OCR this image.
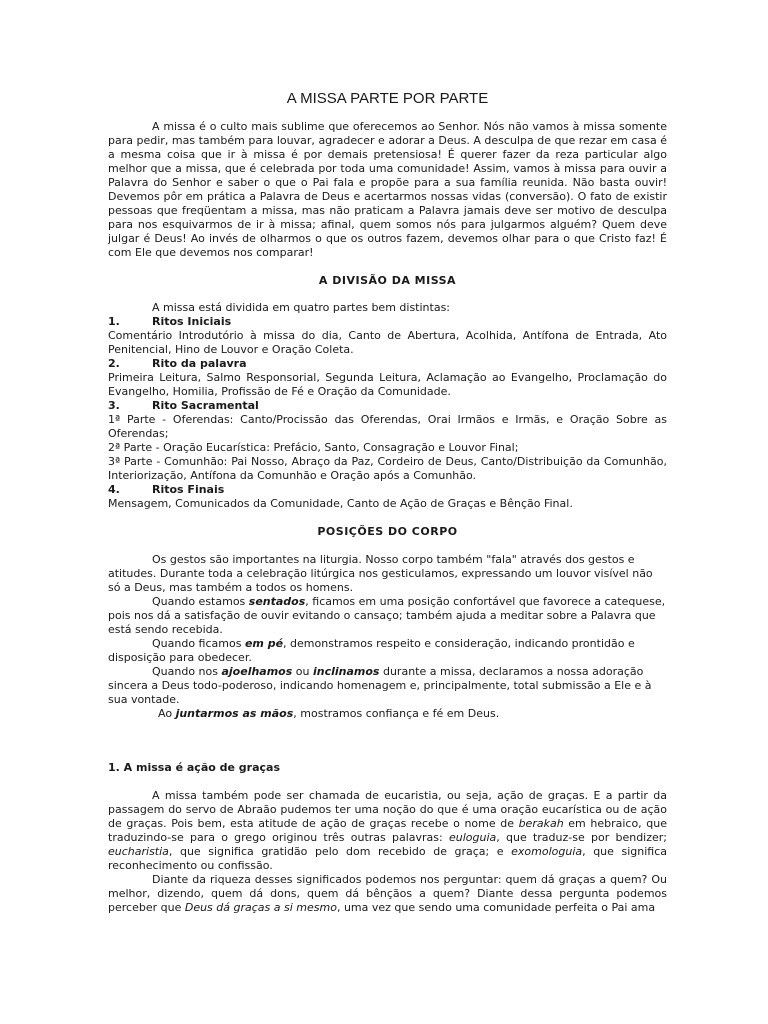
A MISSA PARTE POR PARTE

A missa é o culto mais sublime que oferecemos ao Senhor. Nós não vamos à missa somente para pedir, mas também para louvar, agradecer e adorar a Deus. A desculpa de que rezar em casa é a mesma coisa que ir à missa é por demais pretensiosa! É querer fazer da reza particular algo melhor que a missa, que é celebrada por toda uma comunidade! Assim, vamos à missa para ouvir a Palavra do Senhor e saber o que o Pai fala e propõe para a sua família reunida. Não basta ouvir! Devemos pôr em prática a Palavra de Deus e acertarmos nossas vidas (conversão). O fato de existir pessoas que freqüentam a missa, mas não praticam a Palavra jamais deve ser motivo de desculpa para nos esquivarmos de ir à missa; afinal, quem somos nós para julgarmos alguém? Quem deve julgar é Deus! Ao invés de olharmos o que os outros fazem, devemos olhar para o que Cristo faz! É com Ele que devemos nos comparar!

A DIVISÃO DA MISSA

A missa está dividida em quatro partes bem distintas:

1.	Ritos Iniciais

Comentário Introdutório à missa do dia, Canto de Abertura, Acolhida, Antífona de Entrada, Ato Penitencial, Hino de Louvor e Oração Coleta.

2.	Rito da palavra

Primeira Leitura, Salmo Responsorial, Segunda Leitura, Aclamação ao Evangelho, Proclamação do Evangelho, Homilia, Profissão de Fé e Oração da Comunidade.

3.	Rito Sacramental

1ª Parte - Oferendas: Canto/Procissão das Oferendas, Orai Irmãos e Irmãs, e Oração Sobre as Oferendas;

2ª Parte - Oração Eucarística: Prefácio, Santo, Consagração e Louvor Final;

3ª Parte - Comunhão: Pai Nosso, Abraço da Paz, Cordeiro de Deus, Canto/Distribuição da Comunhão, Interiorização, Antífona da Comunhão e Oração após a Comunhão.

4.	Ritos Finais

Mensagem, Comunicados da Comunidade, Canto de Ação de Graças e Bênção Final.

POSIÇÕES DO CORPO

Os gestos são importantes na liturgia. Nosso corpo também "fala" através dos gestos e atitudes. Durante toda a celebração litúrgica nos gesticulamos, expressando um louvor visível não só a Deus, mas também a todos os homens.

Quando estamos sentados, ficamos em uma posição confortável que favorece a catequese, pois nos dá a satisfação de ouvir evitando o cansaço; também ajuda a meditar sobre a Palavra que está sendo recebida.

Quando ficamos em pé, demonstramos respeito e consideração, indicando prontidão e disposição para obedecer.

Quando nos ajoelhamos ou inclinamos durante a missa, declaramos a nossa adoração sincera a Deus todo-poderoso, indicando homenagem e, principalmente, total submissão a Ele e à sua vontade.

Ao juntarmos as mãos, mostramos confiança e fé em Deus.

1. A missa é ação de graças

A missa também pode ser chamada de eucaristia, ou seja, ação de graças. E a partir da passagem do servo de Abraão pudemos ter uma noção do que é uma oração eucarística ou de ação de graças. Pois bem, esta atitude de ação de graças recebe o nome de berakah em hebraico, que traduzindo-se para o grego originou três outras palavras: euloguia, que traduz-se por bendizer; eucharistia, que significa gratidão pelo dom recebido de graça; e exomologuia, que significa reconhecimento ou confissão.

Diante da riqueza desses significados podemos nos perguntar: quem dá graças a quem? Ou melhor, dizendo, quem dá dons, quem dá bênçãos a quem? Diante dessa pergunta podemos perceber que Deus dá graças a si mesmo, uma vez que sendo uma comunidade perfeita o Pai ama
